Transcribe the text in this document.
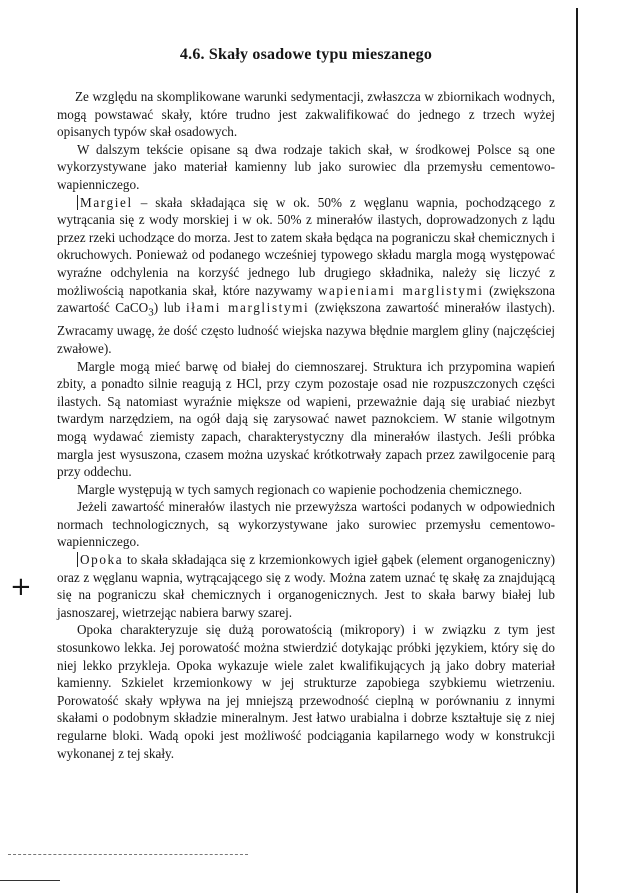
+
4.6. Skały osadowe typu mieszanego

Ze względu na skomplikowane warunki sedymentacji, zwłaszcza w zbiornikach wodnych, mogą powstawać skały, które trudno jest zakwalifikować do jednego z trzech wyżej opisanych typów skał osadowych.

W dalszym tekście opisane są dwa rodzaje takich skał, w środkowej Polsce są one wykorzystywane jako materiał kamienny lub jako surowiec dla przemysłu cementowo-wapienniczego.

Margiel – skała składająca się w ok. 50% z węglanu wapnia, pochodzącego z wytrącania się z wody morskiej i w ok. 50% z minerałów ilastych, doprowadzonych z lądu przez rzeki uchodzące do morza. Jest to zatem skała będąca na pograniczu skał chemicznych i okruchowych. Ponieważ od podanego wcześniej typowego składu margla mogą występować wyraźne odchylenia na korzyść jednego lub drugiego składnika, należy się liczyć z możliwością napotkania skał, które nazywamy wapieniami marglistymi (zwiększona zawartość CaCO$_3$) lub iłami marglistymi (zwiększona zawartość minerałów ilastych). Zwracamy uwagę, że dość często ludność wiejska nazywa błędnie marglem gliny (najczęściej zwałowe).

Margle mogą mieć barwę od białej do ciemnoszarej. Struktura ich przypomina wapień zbity, a ponadto silnie reagują z HCl, przy czym pozostaje osad nie rozpuszczonych części ilastych. Są natomiast wyraźnie miększe od wapieni, przeważnie dają się urabiać niezbyt twardym narzędziem, na ogół dają się zarysować nawet paznokciem. W stanie wilgotnym mogą wydawać ziemisty zapach, charakterystyczny dla minerałów ilastych. Jeśli próbka margla jest wysuszona, czasem można uzyskać krótkotrwały zapach przez zawilgocenie parą przy oddechu.

Margle występują w tych samych regionach co wapienie pochodzenia chemicznego.

Jeżeli zawartość minerałów ilastych nie przewyższa wartości podanych w odpowiednich normach technologicznych, są wykorzystywane jako surowiec przemysłu cementowo-wapienniczego.

Opoka to skała składająca się z krzemionkowych igieł gąbek (element organogeniczny) oraz z węglanu wapnia, wytrącającego się z wody. Można zatem uznać tę skałę za znajdującą się na pograniczu skał chemicznych i organogenicznych. Jest to skała barwy białej lub jasnoszarej, wietrzejąc nabiera barwy szarej.

Opoka charakteryzuje się dużą porowatością (mikropory) i w związku z tym jest stosunkowo lekka. Jej porowatość można stwierdzić dotykając próbki językiem, który się do niej lekko przykleja. Opoka wykazuje wiele zalet kwalifikujących ją jako dobry materiał kamienny. Szkielet krzemionkowy w jej strukturze zapobiega szybkiemu wietrzeniu. Porowatość skały wpływa na jej mniejszą przewodność cieplną w porównaniu z innymi skałami o podobnym składzie mineralnym. Jest łatwo urabialna i dobrze kształtuje się z niej regularne bloki. Wadą opoki jest możliwość podciągania kapilarnego wody w konstrukcji wykonanej z tej skały.
